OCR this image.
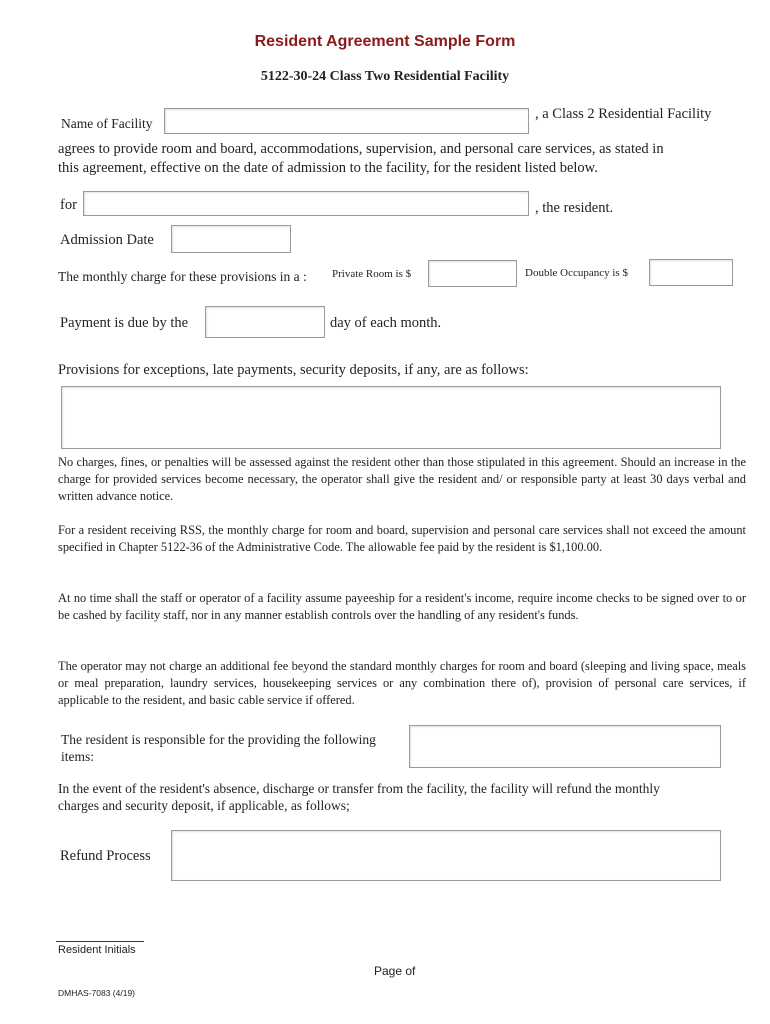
Resident Agreement Sample Form
5122-30-24 Class Two Residential Facility
Name of Facility
, a Class 2 Residential Facility
agrees to provide room and board, accommodations, supervision, and personal care services, as stated in
this agreement, effective on the date of admission to the facility, for the resident listed below.
for	, the resident.
Admission Date
The monthly charge for these provisions in a : Private Room is $	Double Occupancy is $
Payment is due by the	day of each month.
Provisions for exceptions, late payments, security deposits, if any, are as follows:

No charges, fines, or penalties will be assessed against the resident other than those stipulated in this agreement. Should an increase in the charge for provided services become necessary, the operator shall give the resident and/ or responsible party at least 30 days verbal and written advance notice.

For a resident receiving RSS, the monthly charge for room and board, supervision and personal care services shall not exceed the amount specified in Chapter 5122-36 of the Administrative Code. The allowable fee paid by the resident is $1,100.00.

At no time shall the staff or operator of a facility assume payeeship for a resident's income, require income checks to be signed over to or be cashed by facility staff, nor in any manner establish controls over the handling of any resident's funds.

The operator may not charge an additional fee beyond the standard monthly charges for room and board (sleeping and living space, meals or meal preparation, laundry services, housekeeping services or any combination there of), provision of personal care services, if applicable to the resident, and basic cable service if offered.

The resident is responsible for the providing the following
items:
In the event of the resident's absence, discharge or transfer from the facility, the facility will refund the monthly
charges and security deposit, if applicable, as follows;
Refund Process
Resident Initials
Page of
DMHAS-7083 (4/19)
